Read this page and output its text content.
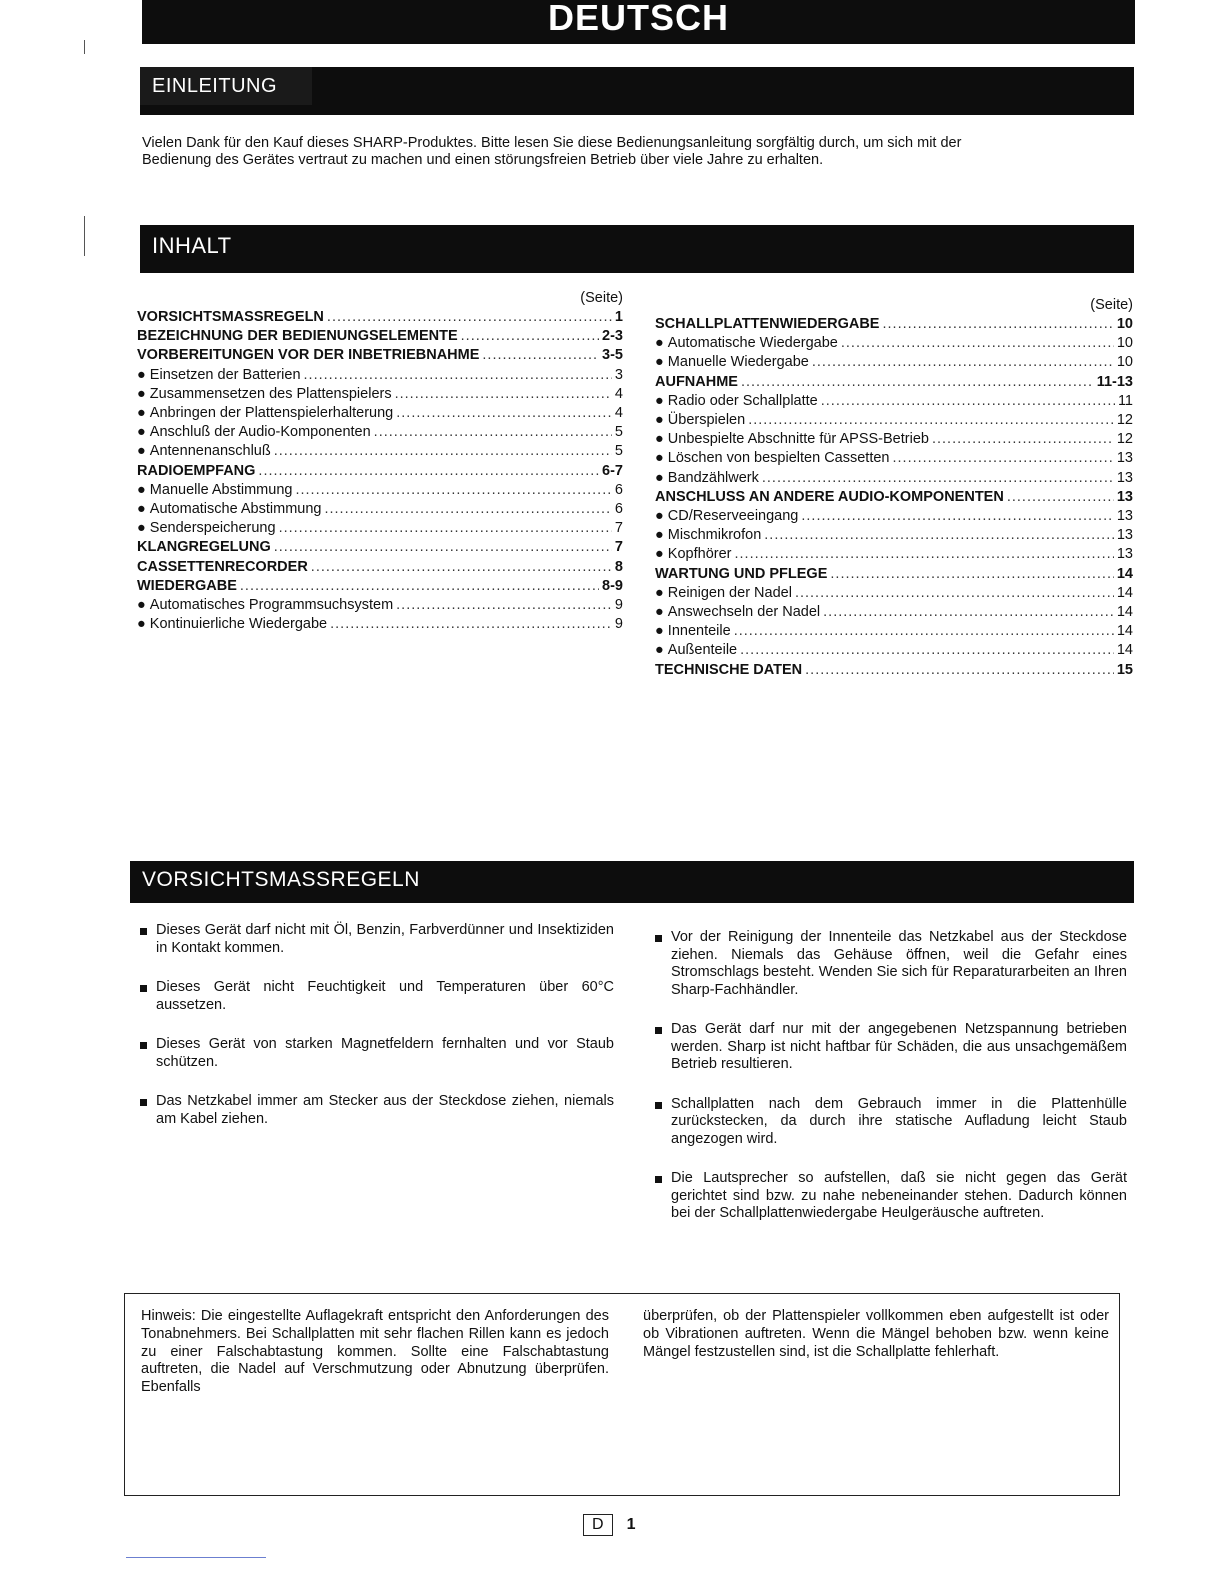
DEUTSCH
EINLEITUNG
Vielen Dank für den Kauf dieses SHARP-Produktes. Bitte lesen Sie diese Bedienungsanleitung sorgfältig durch, um sich mit der
Bedienung des Gerätes vertraut zu machen und einen störungsfreien Betrieb über viele Jahre zu erhalten.
INHALT
(Seite)
VORSICHTSMASSREGELN .....	1
BEZEICHNUNG DER BEDIENUNGSELEMENTE .....	2-3
VORBEREITUNGEN VOR DER INBETRIEBNAHME .....	3-5
● Einsetzen der Batterien .....	3
● Zusammensetzen des Plattenspielers .....	4
● Anbringen der Plattenspielerhalterung .....	4
● Anschluß der Audio-Komponenten .....	5
● Antennenanschluß .....	5
RADIOEMPFANG .....	6-7
● Manuelle Abstimmung .....	6
● Automatische Abstimmung .....	6
● Senderspeicherung .....	7
KLANGREGELUNG .....	7
CASSETTENRECORDER .....	8
WIEDERGABE .....	8-9
● Automatisches Programmsuchsystem .....	9
● Kontinuierliche Wiedergabe .....	9
(Seite)
SCHALLPLATTENWIEDERGABE .....	10
● Automatische Wiedergabe .....	10
● Manuelle Wiedergabe .....	10
AUFNAHME .....	11-13
● Radio oder Schallplatte .....	11
● Überspielen .....	12
● Unbespielte Abschnitte für APSS-Betrieb .....	12
● Löschen von bespielten Cassetten .....	13
● Bandzählwerk .....	13
ANSCHLUSS AN ANDERE AUDIO-KOMPONENTEN .....	13
● CD/Reserveeingang .....	13
● Mischmikrofon .....	13
● Kopfhörer .....	13
WARTUNG UND PFLEGE .....	14
● Reinigen der Nadel .....	14
● Answechseln der Nadel .....	14
● Innenteile .....	14
● Außenteile .....	14
TECHNISCHE DATEN .....	15
VORSICHTSMASSREGELN
Dieses Gerät darf nicht mit Öl, Benzin, Farbverdünner und Insektiziden in Kontakt kommen.
Dieses Gerät nicht Feuchtigkeit und Temperaturen über 60°C aussetzen.
Dieses Gerät von starken Magnetfeldern fernhalten und vor Staub schützen.
Das Netzkabel immer am Stecker aus der Steckdose ziehen, niemals am Kabel ziehen.
Vor der Reinigung der Innenteile das Netzkabel aus der Steckdose ziehen. Niemals das Gehäuse öffnen, weil die Gefahr eines Stromschlags besteht. Wenden Sie sich für Reparaturarbeiten an Ihren Sharp-Fachhändler.
Das Gerät darf nur mit der angegebenen Netzspannung betrieben werden. Sharp ist nicht haftbar für Schäden, die aus unsachgemäßem Betrieb resultieren.
Schallplatten nach dem Gebrauch immer in die Plattenhülle zurückstecken, da durch ihre statische Aufladung leicht Staub angezogen wird.
Die Lautsprecher so aufstellen, daß sie nicht gegen das Gerät gerichtet sind bzw. zu nahe nebeneinander stehen. Dadurch können bei der Schallplattenwiedergabe Heulgeräusche auftreten.
Hinweis: Die eingestellte Auflagekraft entspricht den Anforderungen des Tonabnehmers. Bei Schallplatten mit sehr flachen Rillen kann es jedoch zu einer Falschabtastung kommen. Sollte eine Falschabtastung auftreten, die Nadel auf Verschmutzung oder Abnutzung überprüfen. Ebenfalls
überprüfen, ob der Plattenspieler vollkommen eben aufgestellt ist oder ob Vibrationen auftreten. Wenn die Mängel behoben bzw. wenn keine Mängel festzustellen sind, ist die Schallplatte fehlerhaft.
D	1
